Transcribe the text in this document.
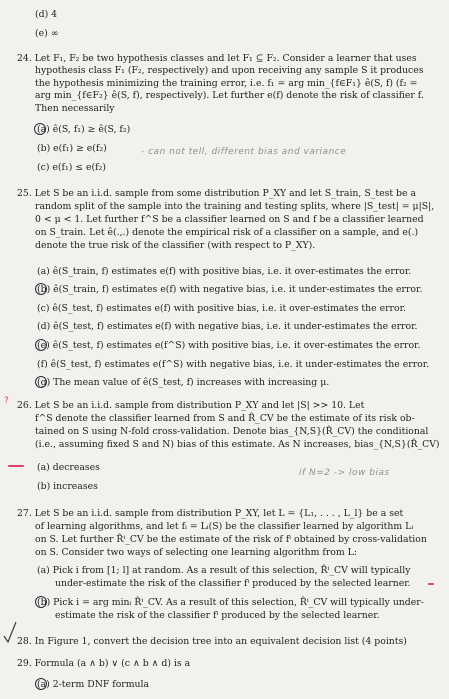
(d) 4
(e) ∞
24. Let F₁, F₂ be two hypothesis classes and let F₁ ⊆ F₂. Consider a learner that uses
hypothesis class F₁ (F₂, respectively) and upon receiving any sample S it produces
the hypothesis minimizing the training error, i.e. f₁ = arg min_{f∈F₁} ê(S, f) (f₂ =
arg min_{f∈F₂} ê(S, f), respectively). Let further e(f) denote the risk of classifier f.
Then necessarily
(a) ê(S, f₁) ≥ ê(S, f₂)
(b) e(f₁) ≥ e(f₂)	- can not tell, different bias and variance
(c) e(f₁) ≤ e(f₂)
25. Let S be an i.i.d. sample from some distribution P_XY and let S_train, S_test be a
random split of the sample into the training and testing splits, where |S_test| = μ|S|,
0 < μ < 1. Let further f^S be a classifier learned on S and f be a classifier learned
on S_train. Let ê(.,.) denote the empirical risk of a classifier on a sample, and e(.)
denote the true risk of the classifier (with respect to P_XY).
(a) ê(S_train, f) estimates e(f) with positive bias, i.e. it over-estimates the error.
(b) ê(S_train, f) estimates e(f) with negative bias, i.e. it under-estimates the error.
(c) ê(S_test, f) estimates e(f) with positive bias, i.e. it over-estimates the error.
(d) ê(S_test, f) estimates e(f) with negative bias, i.e. it under-estimates the error.
(e) ê(S_test, f) estimates e(f^S) with positive bias, i.e. it over-estimates the error.
(f) ê(S_test, f) estimates e(f^S) with negative bias, i.e. it under-estimates the error.
(g) The mean value of ê(S_test, f) increases with increasing μ.
? 26. Let S be an i.i.d. sample from distribution P_XY and let |S| >> 10. Let
f^S denote the classifier learned from S and R̂_CV be the estimate of its risk ob-
tained on S using N-fold cross-validation. Denote bias_{N,S}(R̂_CV) the conditional
(i.e., assuming fixed S and N) bias of this estimate. As N increases, bias_{N,S}(R̂_CV)
(a) decreases	if N=2 -> low bias
(b) increases
27. Let S be an i.i.d. sample from distribution P_XY, let L = {L₁, . . . , L_l} be a set
of learning algorithms, and let fᵢ = Lᵢ(S) be the classifier learned by algorithm Lᵢ
on S. Let further R̂ⁱ_CV be the estimate of the risk of fⁱ obtained by cross-validation
on S. Consider two ways of selecting one learning algorithm from L:
(a) Pick i from [1; l] at random. As a result of this selection, R̂ⁱ_CV will typically
under-estimate the risk of the classifier fⁱ produced by the selected learner.
(b) Pick i = arg minᵢ R̂ⁱ_CV. As a result of this selection, R̂ⁱ_CV will typically under-
estimate the risk of the classifier fⁱ produced by the selected learner.
28. In Figure 1, convert the decision tree into an equivalent decision list (4 points)
29. Formula (a ∧ b) ∨ (c ∧ b ∧ d) is a
(a) 2-term DNF formula
